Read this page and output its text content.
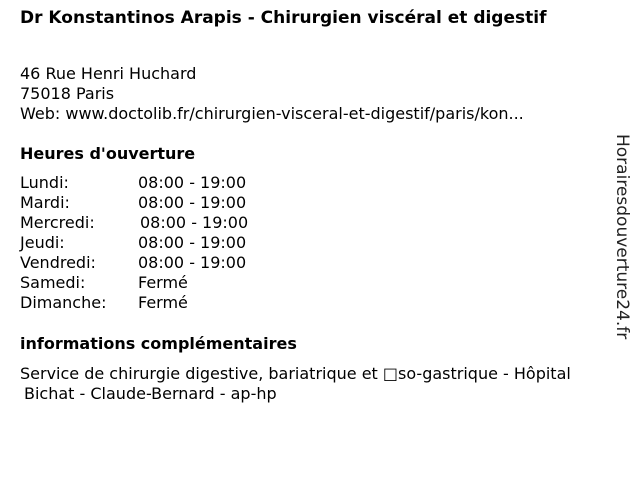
Dr Konstantinos Arapis - Chirurgien viscéral et digestif
46 Rue Henri Huchard
75018 Paris
Web: www.doctolib.fr/chirurgien-visceral-et-digestif/paris/kon...
Heures d'ouverture
Lundi:	08:00 - 19:00
Mardi:	08:00 - 19:00
Mercredi:	08:00 - 19:00
Jeudi:	08:00 - 19:00
Vendredi:	08:00 - 19:00
Samedi:	Fermé
Dimanche: Fermé
informations complémentaires
Service de chirurgie digestive, bariatrique et □so-gastrique - Hôpital
Bichat - Claude-Bernard - ap-hp
Horairesdouverture24.fr
